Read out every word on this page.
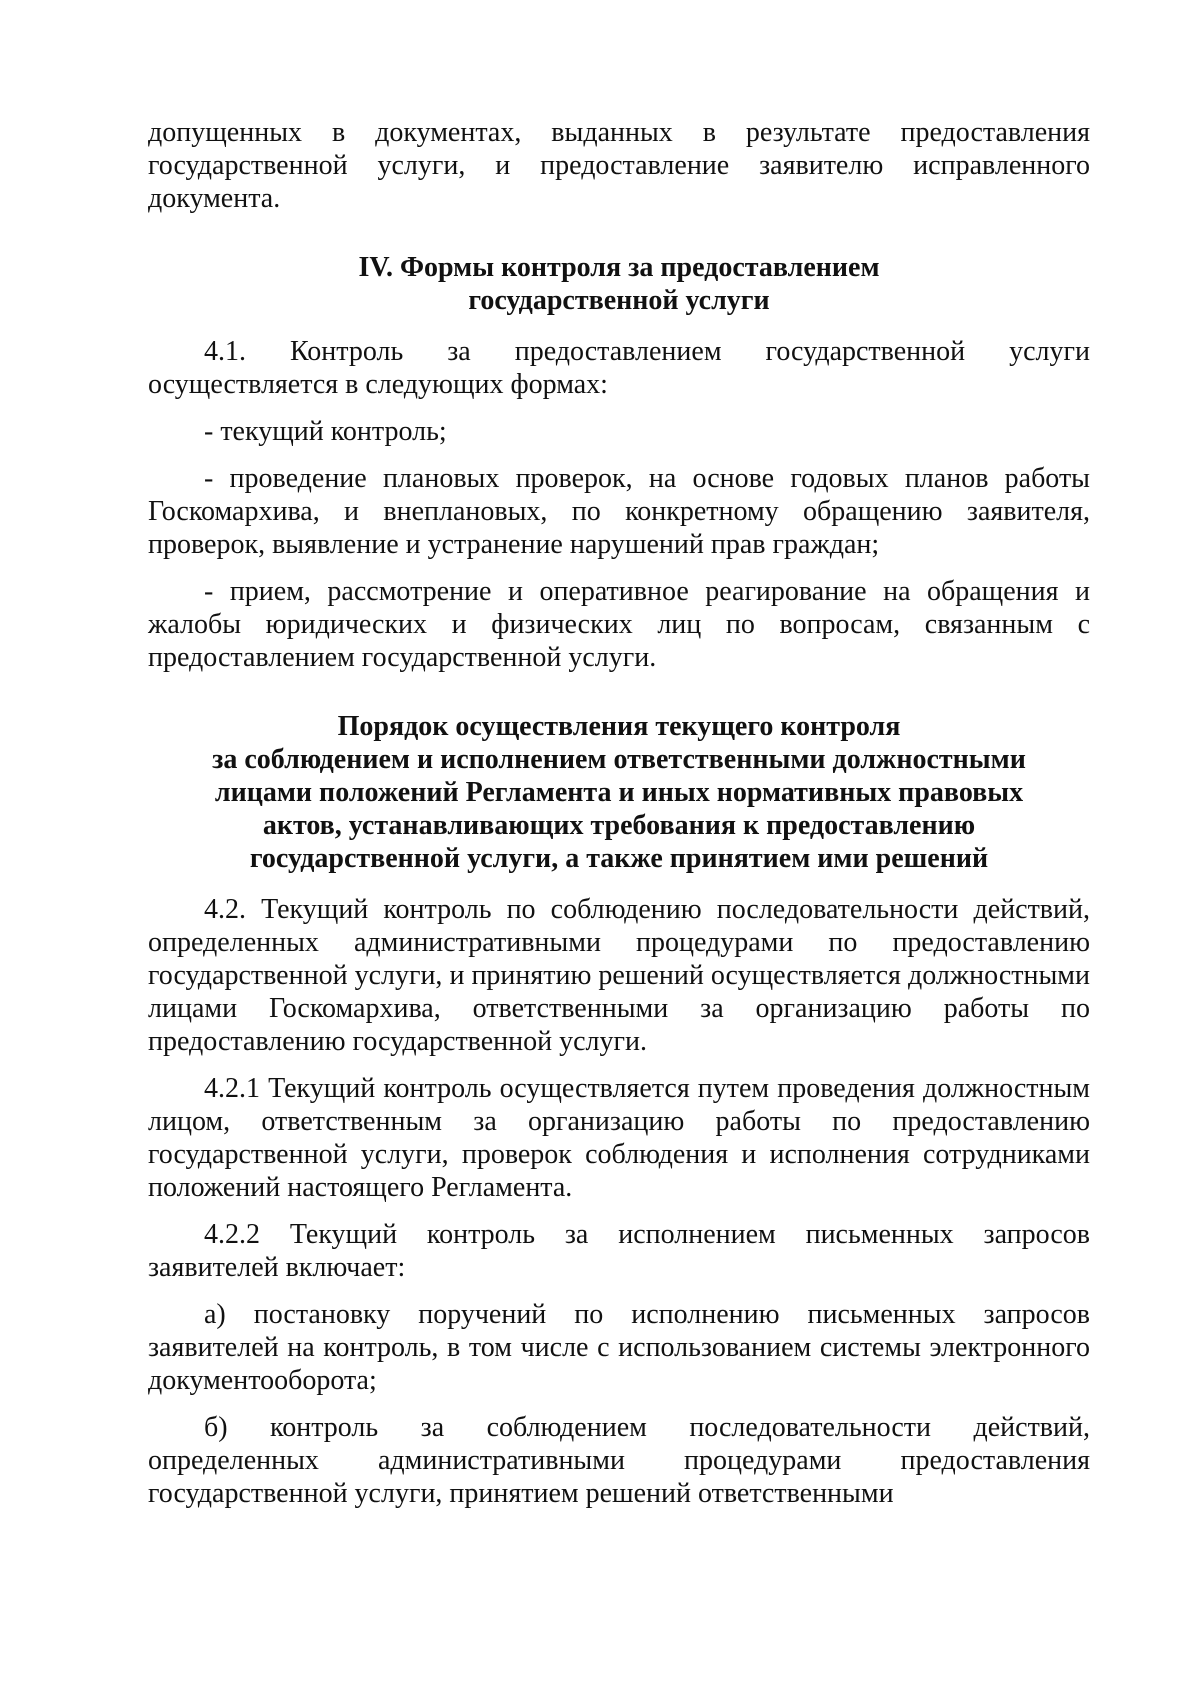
допущенных в документах, выданных в результате предоставления государственной услуги, и предоставление заявителю исправленного документа.

IV. Формы контроля за предоставлением
государственной услуги

4.1. Контроль за предоставлением государственной услуги осуществляется в следующих формах:

- текущий контроль;

- проведение плановых проверок, на основе годовых планов работы Госкомархива, и внеплановых, по конкретному обращению заявителя, проверок, выявление и устранение нарушений прав граждан;

- прием, рассмотрение и оперативное реагирование на обращения и жалобы юридических и физических лиц по вопросам, связанным с предоставлением государственной услуги.

Порядок осуществления текущего контроля
за соблюдением и исполнением ответственными должностными
лицами положений Регламента и иных нормативных правовых
актов, устанавливающих требования к предоставлению
государственной услуги, а также принятием ими решений

4.2. Текущий контроль по соблюдению последовательности действий, определенных административными процедурами по предоставлению государственной услуги, и принятию решений осуществляется должностными лицами Госкомархива, ответственными за организацию работы по предоставлению государственной услуги.

4.2.1 Текущий контроль осуществляется путем проведения должностным лицом, ответственным за организацию работы по предоставлению государственной услуги, проверок соблюдения и исполнения сотрудниками положений настоящего Регламента.

4.2.2 Текущий контроль за исполнением письменных запросов заявителей включает:

а) постановку поручений по исполнению письменных запросов заявителей на контроль, в том числе с использованием системы электронного документооборота;

б) контроль за соблюдением последовательности действий, определенных административными процедурами предоставления государственной услуги, принятием решений ответственными
